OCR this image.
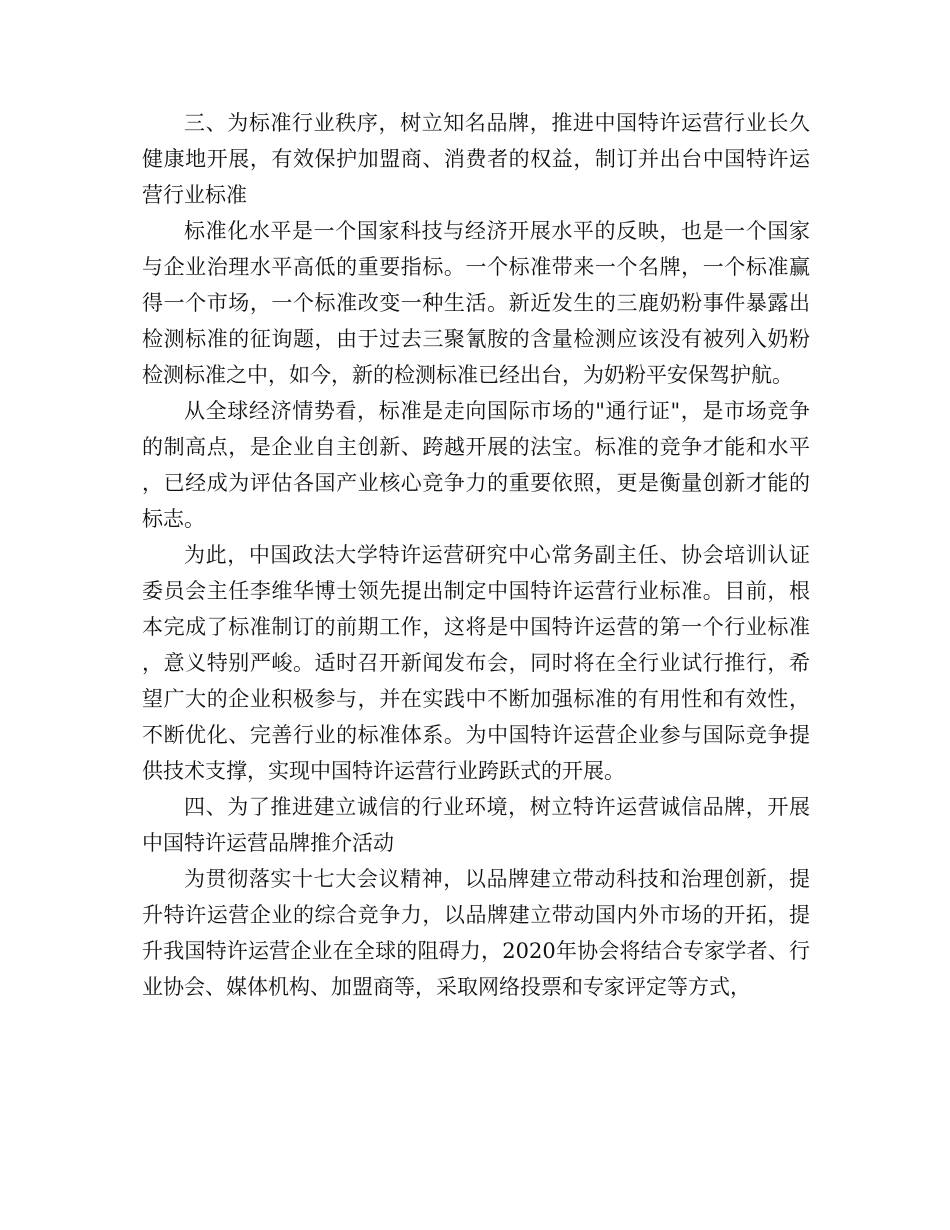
三、为标准行业秩序，树立知名品牌，推进中国特许运营行业长久健康地开展，有效保护加盟商、消费者的权益，制订并出台中国特许运营行业标准

标准化水平是一个国家科技与经济开展水平的反映，也是一个国家与企业治理水平高低的重要指标。一个标准带来一个名牌，一个标准赢得一个市场，一个标准改变一种生活。新近发生的三鹿奶粉事件暴露出检测标准的征询题，由于过去三聚氰胺的含量检测应该没有被列入奶粉检测标准之中，如今，新的检测标准已经出台，为奶粉平安保驾护航。

从全球经济情势看，标准是走向国际市场的"通行证"，是市场竞争的制高点，是企业自主创新、跨越开展的法宝。标准的竞争才能和水平，已经成为评估各国产业核心竞争力的重要依照，更是衡量创新才能的标志。

为此，中国政法大学特许运营研究中心常务副主任、协会培训认证委员会主任李维华博士领先提出制定中国特许运营行业标准。目前，根本完成了标准制订的前期工作，这将是中国特许运营的第一个行业标准，意义特别严峻。适时召开新闻发布会，同时将在全行业试行推行，希望广大的企业积极参与，并在实践中不断加强标准的有用性和有效性，不断优化、完善行业的标准体系。为中国特许运营企业参与国际竞争提供技术支撑，实现中国特许运营行业跨跃式的开展。

四、为了推进建立诚信的行业环境，树立特许运营诚信品牌，开展中国特许运营品牌推介活动

为贯彻落实十七大会议精神，以品牌建立带动科技和治理创新，提升特许运营企业的综合竞争力，以品牌建立带动国内外市场的开拓，提升我国特许运营企业在全球的阻碍力，2020年协会将结合专家学者、行业协会、媒体机构、加盟商等，采取网络投票和专家评定等方式，
